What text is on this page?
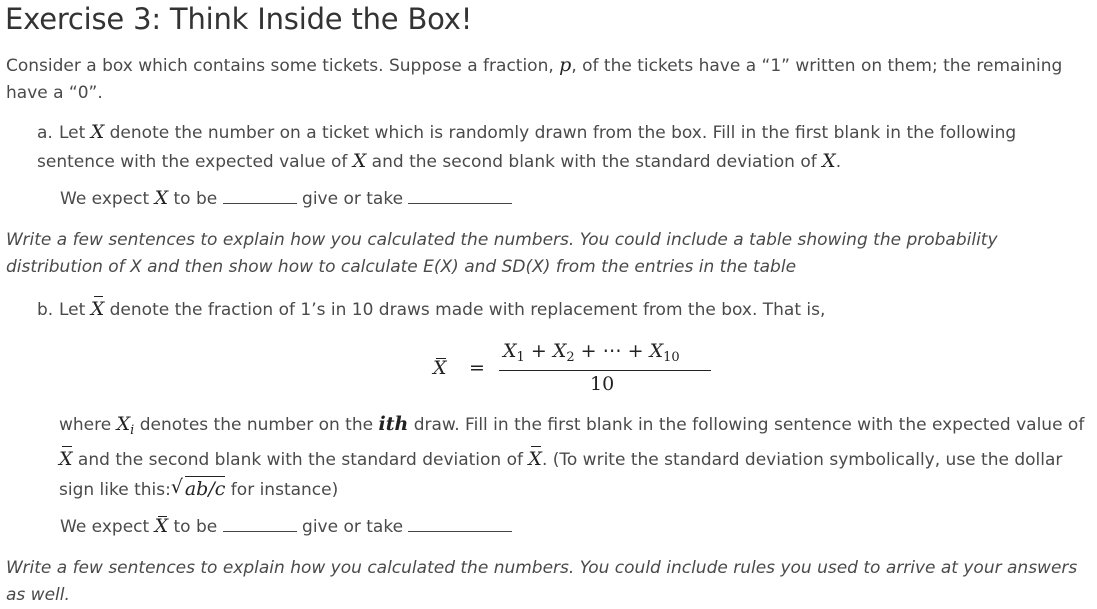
Exercise 3: Think Inside the Box!
Consider a box which contains some tickets. Suppose a fraction, p, of the tickets have a “1” written on them; the remaining have a “0”.
a. Let X denote the number on a ticket which is randomly drawn from the box. Fill in the first blank in the following sentence with the expected value of X and the second blank with the standard deviation of X.
We expect X to be	give or take
Write a few sentences to explain how you calculated the numbers. You could include a table showing the probability distribution of X and then show how to calculate E(X) and SD(X) from the entries in the table
b. Let X denote the fraction of 1’s in 10 draws made with replacement from the box. That is,
X =
$X_1 + X_2$ + ⋯ + $X_{10}$
10
where $X_i$ denotes the number on the ith draw. Fill in the first blank in the following sentence with the expected value of X and the second blank with the standard deviation of X. (To write the standard deviation symbolically, use the dollar sign like this: √ ab/c for instance)
We expect X to be	give or take
Write a few sentences to explain how you calculated the numbers. You could include rules you used to arrive at your answers as well.
